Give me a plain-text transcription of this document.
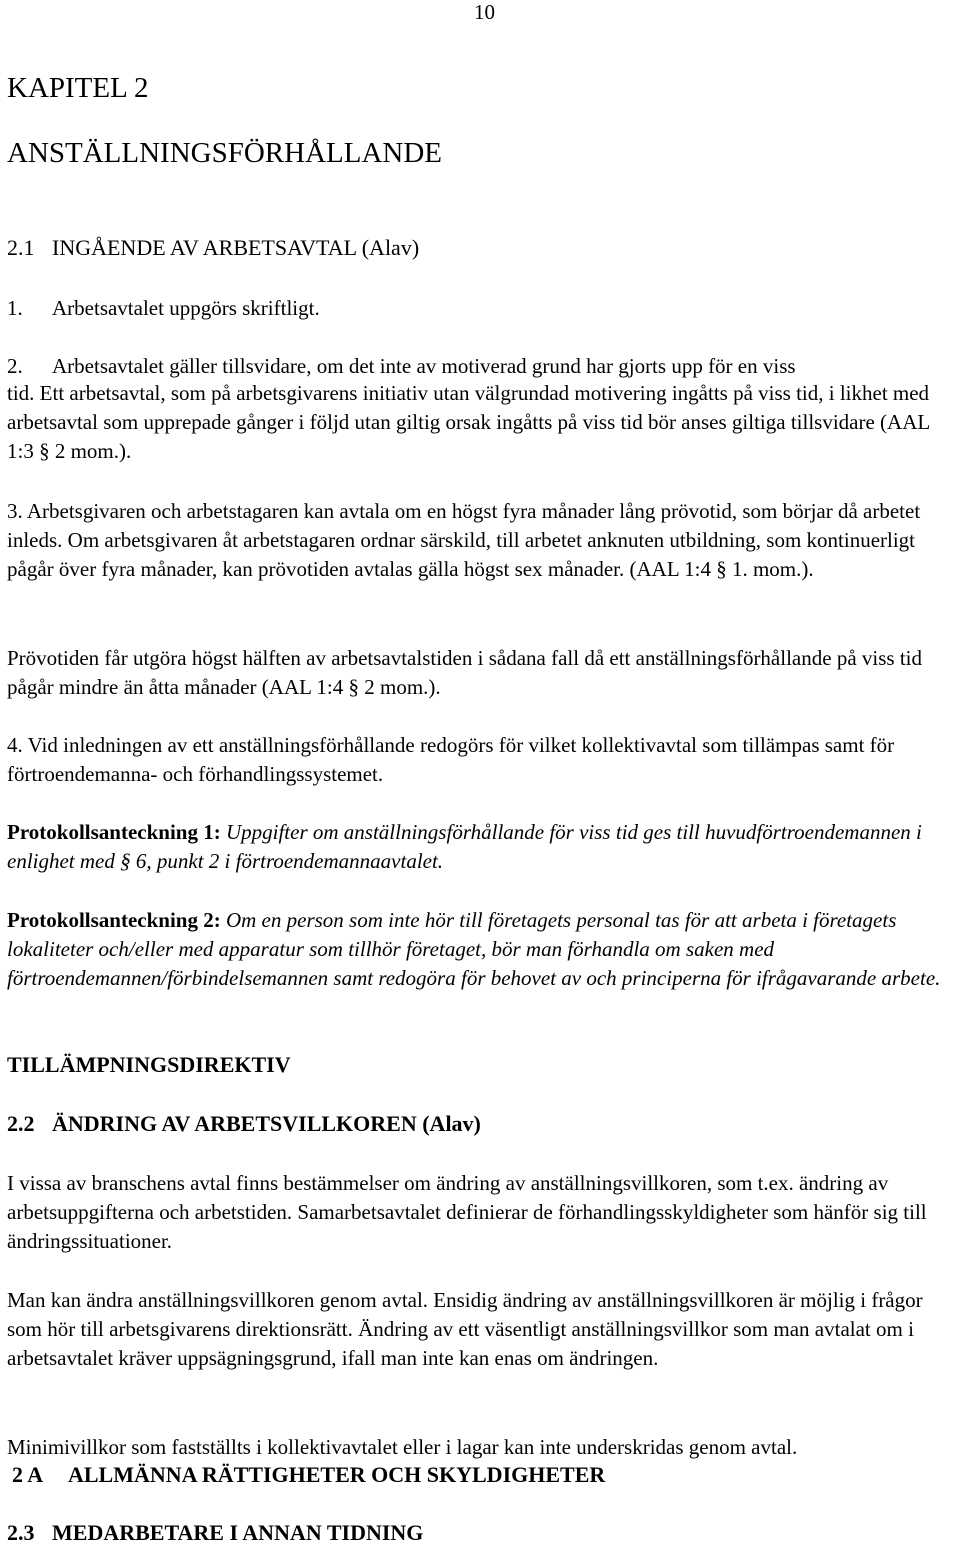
10
KAPITEL 2
ANSTÄLLNINGSFÖRHÅLLANDE
2.1 INGÅENDE AV ARBETSAVTAL (Alav)
1. Arbetsavtalet uppgörs skriftligt.
2. Arbetsavtalet gäller tillsvidare, om det inte av motiverad grund har gjorts upp för en viss

tid. Ett arbetsavtal, som på arbetsgivarens initiativ utan välgrundad motivering ingåtts på viss tid, i likhet med arbetsavtal som upprepade gånger i följd utan giltig orsak ingåtts på viss tid bör anses giltiga tillsvidare (AAL 1:3 § 2 mom.).

3. Arbetsgivaren och arbetstagaren kan avtala om en högst fyra månader lång prövotid, som börjar då arbetet inleds. Om arbetsgivaren åt arbetstagaren ordnar särskild, till arbetet anknuten utbildning, som kontinuerligt pågår över fyra månader, kan prövotiden avtalas gälla högst sex månader. (AAL 1:4 § 1. mom.).

Prövotiden får utgöra högst hälften av arbetsavtalstiden i sådana fall då ett anställningsförhållande på viss tid pågår mindre än åtta månader (AAL 1:4 § 2 mom.).

4. Vid inledningen av ett anställningsförhållande redogörs för vilket kollektivavtal som tillämpas samt för förtroendemanna- och förhandlingssystemet.

Protokollsanteckning 1: Uppgifter om anställningsförhållande för viss tid ges till huvudförtroendemannen i enlighet med § 6, punkt 2 i förtroendemannaavtalet.

Protokollsanteckning 2: Om en person som inte hör till företagets personal tas för att arbeta i företagets lokaliteter och/eller med apparatur som tillhör företaget, bör man förhandla om saken med förtroendemannen/förbindelsemannen samt redogöra för behovet av och principerna för ifrågavarande arbete.

TILLÄMPNINGSDIREKTIV
2.2 ÄNDRING AV ARBETSVILLKOREN (Alav)

I vissa av branschens avtal finns bestämmelser om ändring av anställningsvillkoren, som t.ex. ändring av arbetsuppgifterna och arbetstiden. Samarbetsavtalet definierar de förhandlingsskyldigheter som hänför sig till ändringssituationer.

Man kan ändra anställningsvillkoren genom avtal. Ensidig ändring av anställningsvillkoren är möjlig i frågor som hör till arbetsgivarens direktionsrätt. Ändring av ett väsentligt anställningsvillkor som man avtalat om i arbetsavtalet kräver uppsägningsgrund, ifall man inte kan enas om ändringen.

Minimivillkor som fastställts i kollektivavtalet eller i lagar kan inte underskridas genom avtal.

2 A ALLMÄNNA RÄTTIGHETER OCH SKYLDIGHETER
2.3 MEDARBETARE I ANNAN TIDNING
